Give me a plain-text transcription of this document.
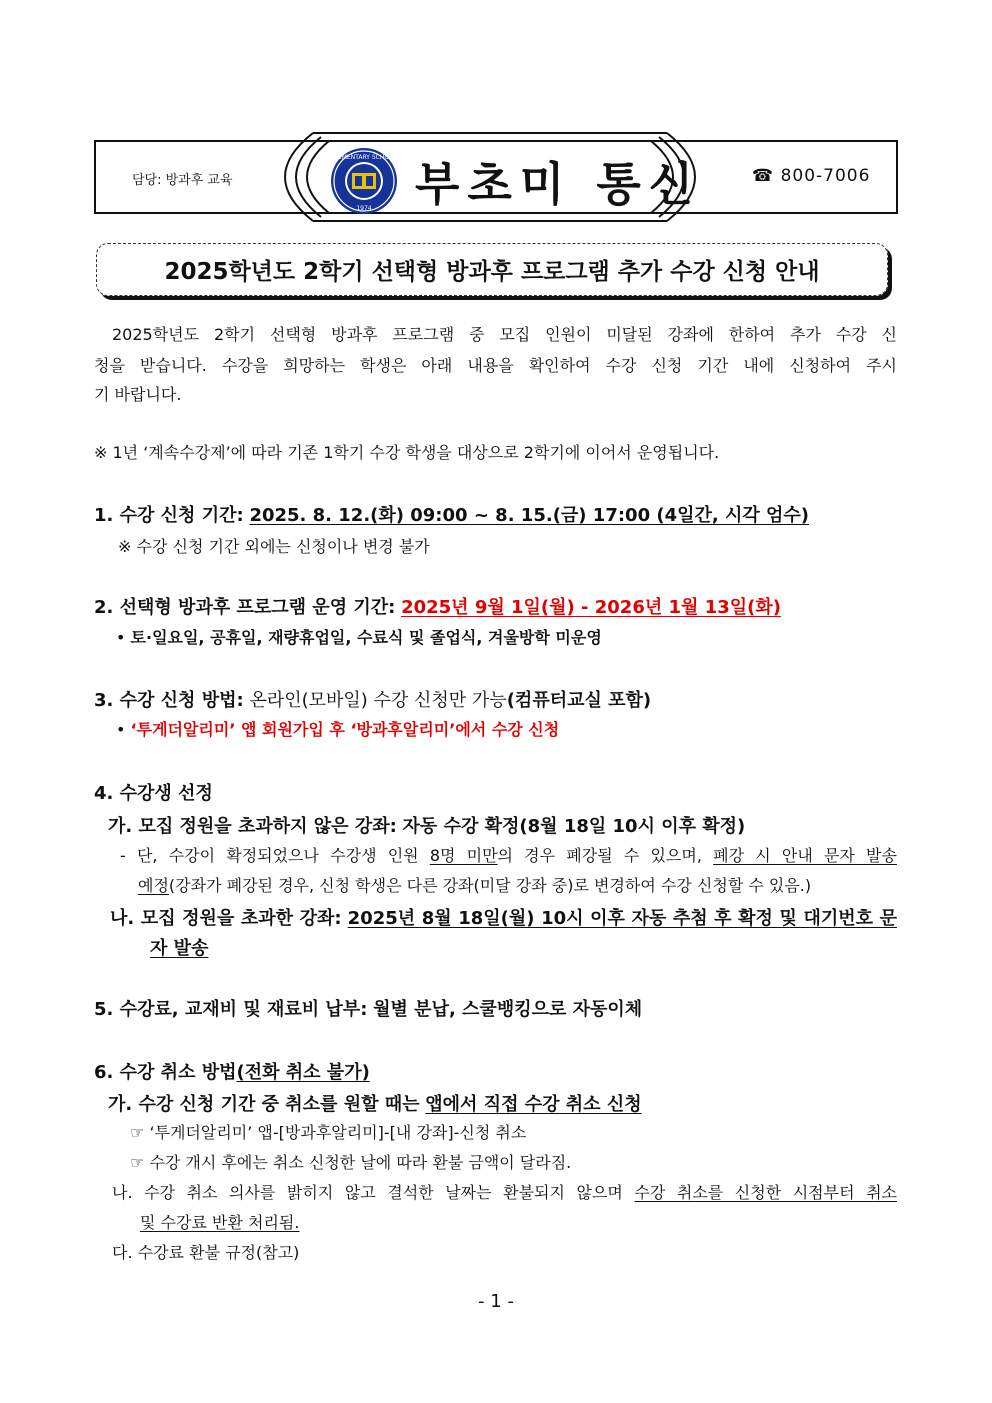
담당: 방과후 교육
ELEMENTARY SCHOOL
1974 부초미 통신	☎ 800-7006
2025학년도 2학기 선택형 방과후 프로그램 추가 수강 신청 안내
2025학년도 2학기 선택형 방과후 프로그램 중 모집 인원이 미달된 강좌에 한하여 추가 수강 신
청을 받습니다. 수강을 희망하는 학생은 아래 내용을 확인하여 수강 신청 기간 내에 신청하여 주시
기 바랍니다.
※ 1년 ‘계속수강제’에 따라 기존 1학기 수강 학생을 대상으로 2학기에 이어서 운영됩니다.
1. 수강 신청 기간: 2025. 8. 12.(화) 09:00 ~ 8. 15.(금) 17:00 (4일간, 시각 엄수)
※ 수강 신청 기간 외에는 신청이나 변경 불가
2. 선택형 방과후 프로그램 운영 기간: 2025년 9월 1일(월) - 2026년 1월 13일(화)
• 토·일요일, 공휴일, 재량휴업일, 수료식 및 졸업식, 겨울방학 미운영
3. 수강 신청 방법: 온라인(모바일) 수강 신청만 가능(컴퓨터교실 포함)
• ‘투게더알리미’ 앱 회원가입 후 ‘방과후알리미’에서 수강 신청
4. 수강생 선정
가. 모집 정원을 초과하지 않은 강좌: 자동 수강 확정(8월 18일 10시 이후 확정)
- 단, 수강이 확정되었으나 수강생 인원 8명 미만의 경우 폐강될 수 있으며, 폐강 시 안내 문자 발송
예정(강좌가 폐강된 경우, 신청 학생은 다른 강좌(미달 강좌 중)로 변경하여 수강 신청할 수 있음.)
나. 모집 정원을 초과한 강좌: 2025년 8월 18일(월) 10시 이후 자동 추첨 후 확정 및 대기번호 문
자 발송
5. 수강료, 교재비 및 재료비 납부: 월별 분납, 스쿨뱅킹으로 자동이체
6. 수강 취소 방법(전화 취소 불가)
가. 수강 신청 기간 중 취소를 원할 때는 앱에서 직접 수강 취소 신청
☞ ‘투게더알리미’ 앱-[방과후알리미]-[내 강좌]-신청 취소
☞ 수강 개시 후에는 취소 신청한 날에 따라 환불 금액이 달라짐.
나. 수강 취소 의사를 밝히지 않고 결석한 날짜는 환불되지 않으며 수강 취소를 신청한 시점부터 취소
및 수강료 반환 처리됨.
다. 수강료 환불 규정(참고)
- 1 -
